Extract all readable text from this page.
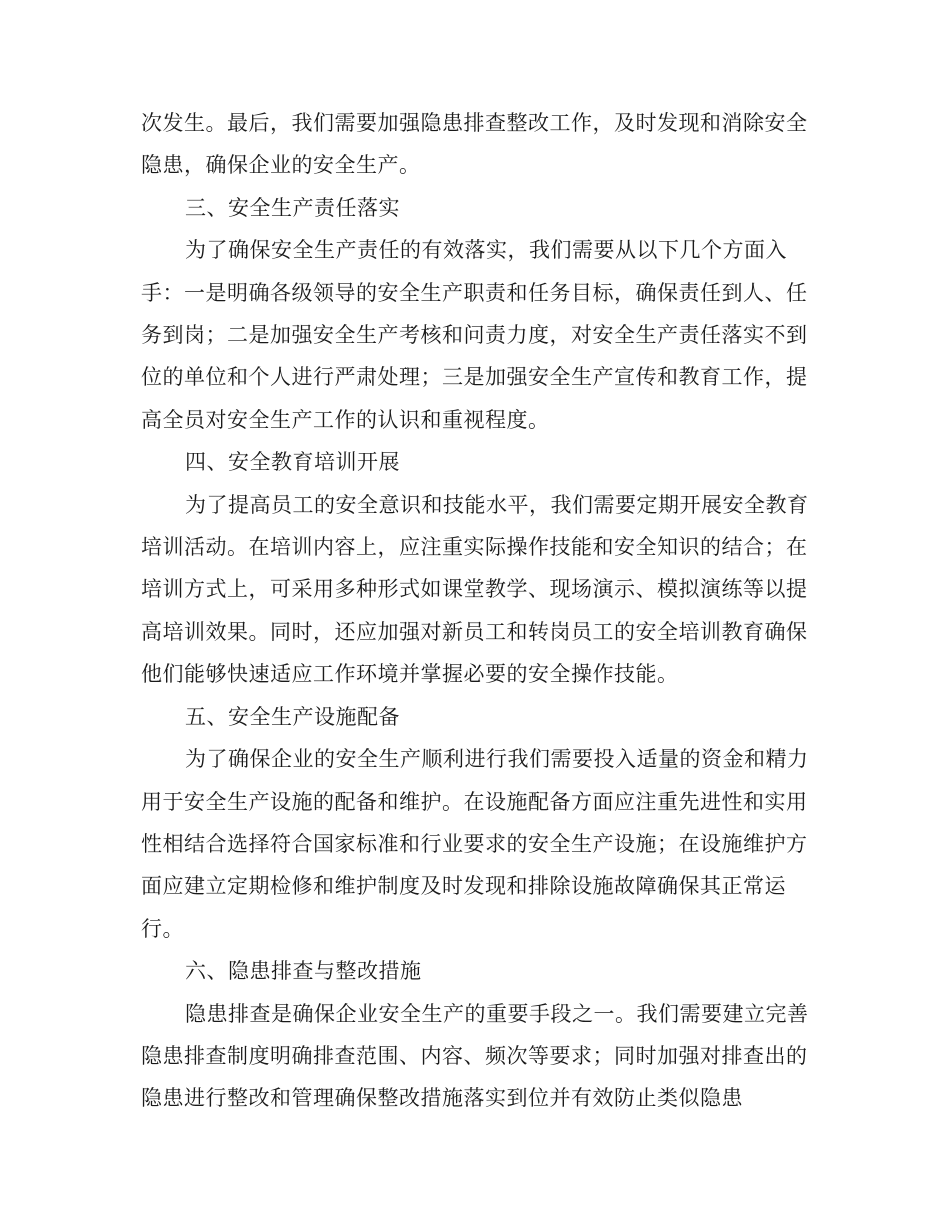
次发生。最后，我们需要加强隐患排查整改工作，及时发现和消除安全隐患，确保企业的安全生产。

三、安全生产责任落实

为了确保安全生产责任的有效落实，我们需要从以下几个方面入手：一是明确各级领导的安全生产职责和任务目标，确保责任到人、任务到岗；二是加强安全生产考核和问责力度，对安全生产责任落实不到位的单位和个人进行严肃处理；三是加强安全生产宣传和教育工作，提高全员对安全生产工作的认识和重视程度。

四、安全教育培训开展

为了提高员工的安全意识和技能水平，我们需要定期开展安全教育培训活动。在培训内容上，应注重实际操作技能和安全知识的结合；在培训方式上，可采用多种形式如课堂教学、现场演示、模拟演练等以提高培训效果。同时，还应加强对新员工和转岗员工的安全培训教育确保他们能够快速适应工作环境并掌握必要的安全操作技能。

五、安全生产设施配备

为了确保企业的安全生产顺利进行我们需要投入适量的资金和精力用于安全生产设施的配备和维护。在设施配备方面应注重先进性和实用性相结合选择符合国家标准和行业要求的安全生产设施；在设施维护方面应建立定期检修和维护制度及时发现和排除设施故障确保其正常运行。

六、隐患排查与整改措施

隐患排查是确保企业安全生产的重要手段之一。我们需要建立完善隐患排查制度明确排查范围、内容、频次等要求；同时加强对排查出的隐患进行整改和管理确保整改措施落实到位并有效防止类似隐患
